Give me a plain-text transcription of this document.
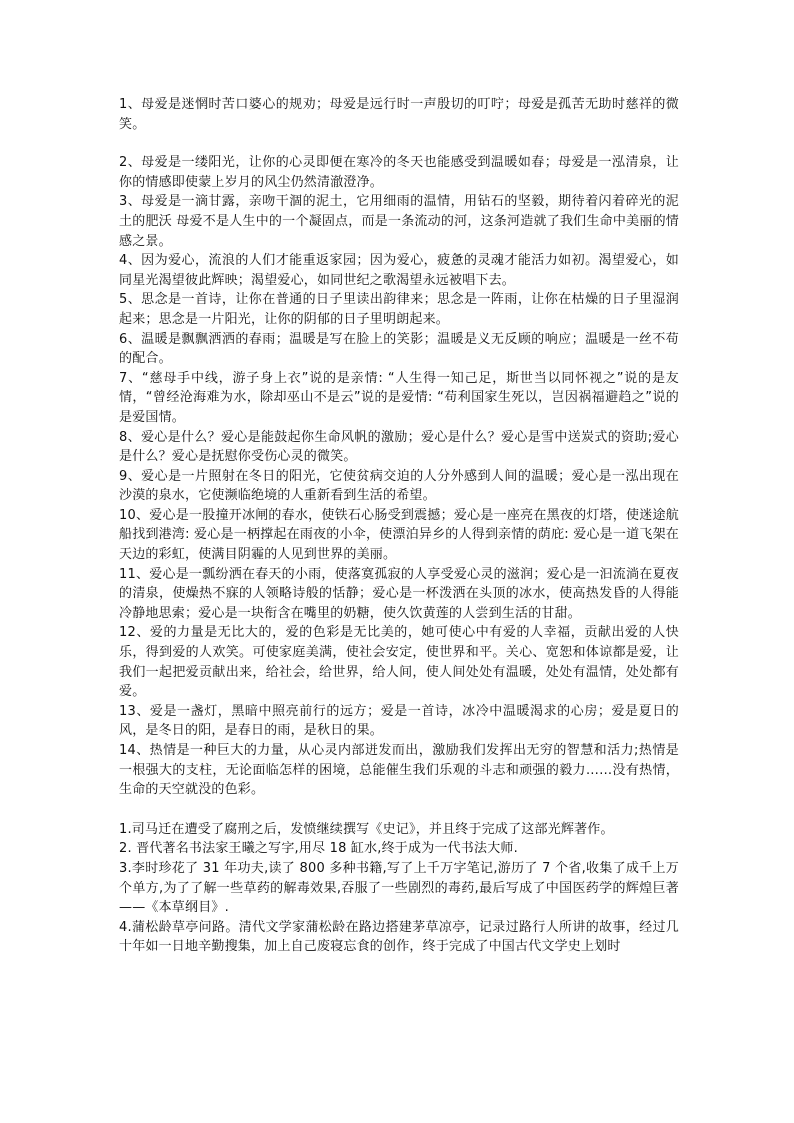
1、母爱是迷惘时苦口婆心的规劝；母爱是远行时一声殷切的叮咛；母爱是孤苦无助时慈祥的微笑。

2、母爱是一缕阳光，让你的心灵即便在寒冷的冬天也能感受到温暖如春；母爱是一泓清泉，让你的情感即使蒙上岁月的风尘仍然清澈澄净。

3、母爱是一滴甘露，亲吻干涸的泥土，它用细雨的温情，用钻石的坚毅，期待着闪着碎光的泥土的肥沃 母爱不是人生中的一个凝固点，而是一条流动的河，这条河造就了我们生命中美丽的情感之景。

4、因为爱心，流浪的人们才能重返家园；因为爱心，疲惫的灵魂才能活力如初。渴望爱心，如同星光渴望彼此辉映；渴望爱心，如同世纪之歌渴望永远被唱下去。

5、思念是一首诗，让你在普通的日子里读出韵律来；思念是一阵雨，让你在枯燥的日子里湿润起来；思念是一片阳光，让你的阴郁的日子里明朗起来。

6、温暖是飘飘洒洒的春雨；温暖是写在脸上的笑影；温暖是义无反顾的响应；温暖是一丝不苟的配合。

7、“慈母手中线，游子身上衣”说的是亲情: “人生得一知己足，斯世当以同怀视之”说的是友情，“曾经沧海难为水，除却巫山不是云”说的是爱情: “苟利国家生死以，岂因祸福避趋之”说的是爱国情。

8、爱心是什么？爱心是能鼓起你生命风帆的激励；爱心是什么？爱心是雪中送炭式的资助;爱心是什么？爱心是抚慰你受伤心灵的微笑。

9、爱心是一片照射在冬日的阳光，它使贫病交迫的人分外感到人间的温暖；爱心是一泓出现在沙漠的泉水，它使濒临绝境的人重新看到生活的希望。

10、爱心是一股撞开冰闸的春水，使铁石心肠受到震撼；爱心是一座亮在黑夜的灯塔，使迷途航船找到港湾: 爱心是一柄撑起在雨夜的小伞，使漂泊异乡的人得到亲情的荫庇: 爱心是一道飞架在天边的彩虹，使满目阴霾的人见到世界的美丽。

11、爱心是一瓢纷洒在春天的小雨，使落寞孤寂的人享受爱心灵的滋润；爱心是一汩流淌在夏夜的清泉，使燥热不寐的人领略诗般的恬静；爱心是一杯泼洒在头顶的冰水，使高热发昏的人得能冷静地思索；爱心是一块衔含在嘴里的奶糖，使久饮黄莲的人尝到生活的甘甜。

12、爱的力量是无比大的，爱的色彩是无比美的，她可使心中有爱的人幸福，贡献出爱的人快乐，得到爱的人欢笑。可使家庭美满，使社会安定，使世界和平。关心、宽恕和体谅都是爱，让我们一起把爱贡献出来，给社会，给世界，给人间，使人间处处有温暖，处处有温情，处处都有爱。

13、爱是一盏灯，黑暗中照亮前行的远方；爱是一首诗，冰冷中温暖渴求的心房；爱是夏日的风，是冬日的阳，是春日的雨，是秋日的果。

14、热情是一种巨大的力量，从心灵内部迸发而出，激励我们发挥出无穷的智慧和活力;热情是一根强大的支柱，无论面临怎样的困境，总能催生我们乐观的斗志和顽强的毅力……没有热情，生命的天空就没的色彩。

1.司马迁在遭受了腐刑之后，发愤继续撰写《史记》，并且终于完成了这部光辉著作。

2. 晋代著名书法家王曦之写字,用尽 18 缸水,终于成为一代书法大师.

3.李时珍花了 31 年功夫,读了 800 多种书籍,写了上千万字笔记,游历了 7 个省,收集了成千上万个单方,为了了解一些草药的解毒效果,吞服了一些剧烈的毒药,最后写成了中国医药学的辉煌巨著——《本草纲目》.

4.蒲松龄草亭问路。清代文学家蒲松龄在路边搭建茅草凉亭，记录过路行人所讲的故事，经过几十年如一日地辛勤搜集，加上自己废寝忘食的创作，终于完成了中国古代文学史上划时
